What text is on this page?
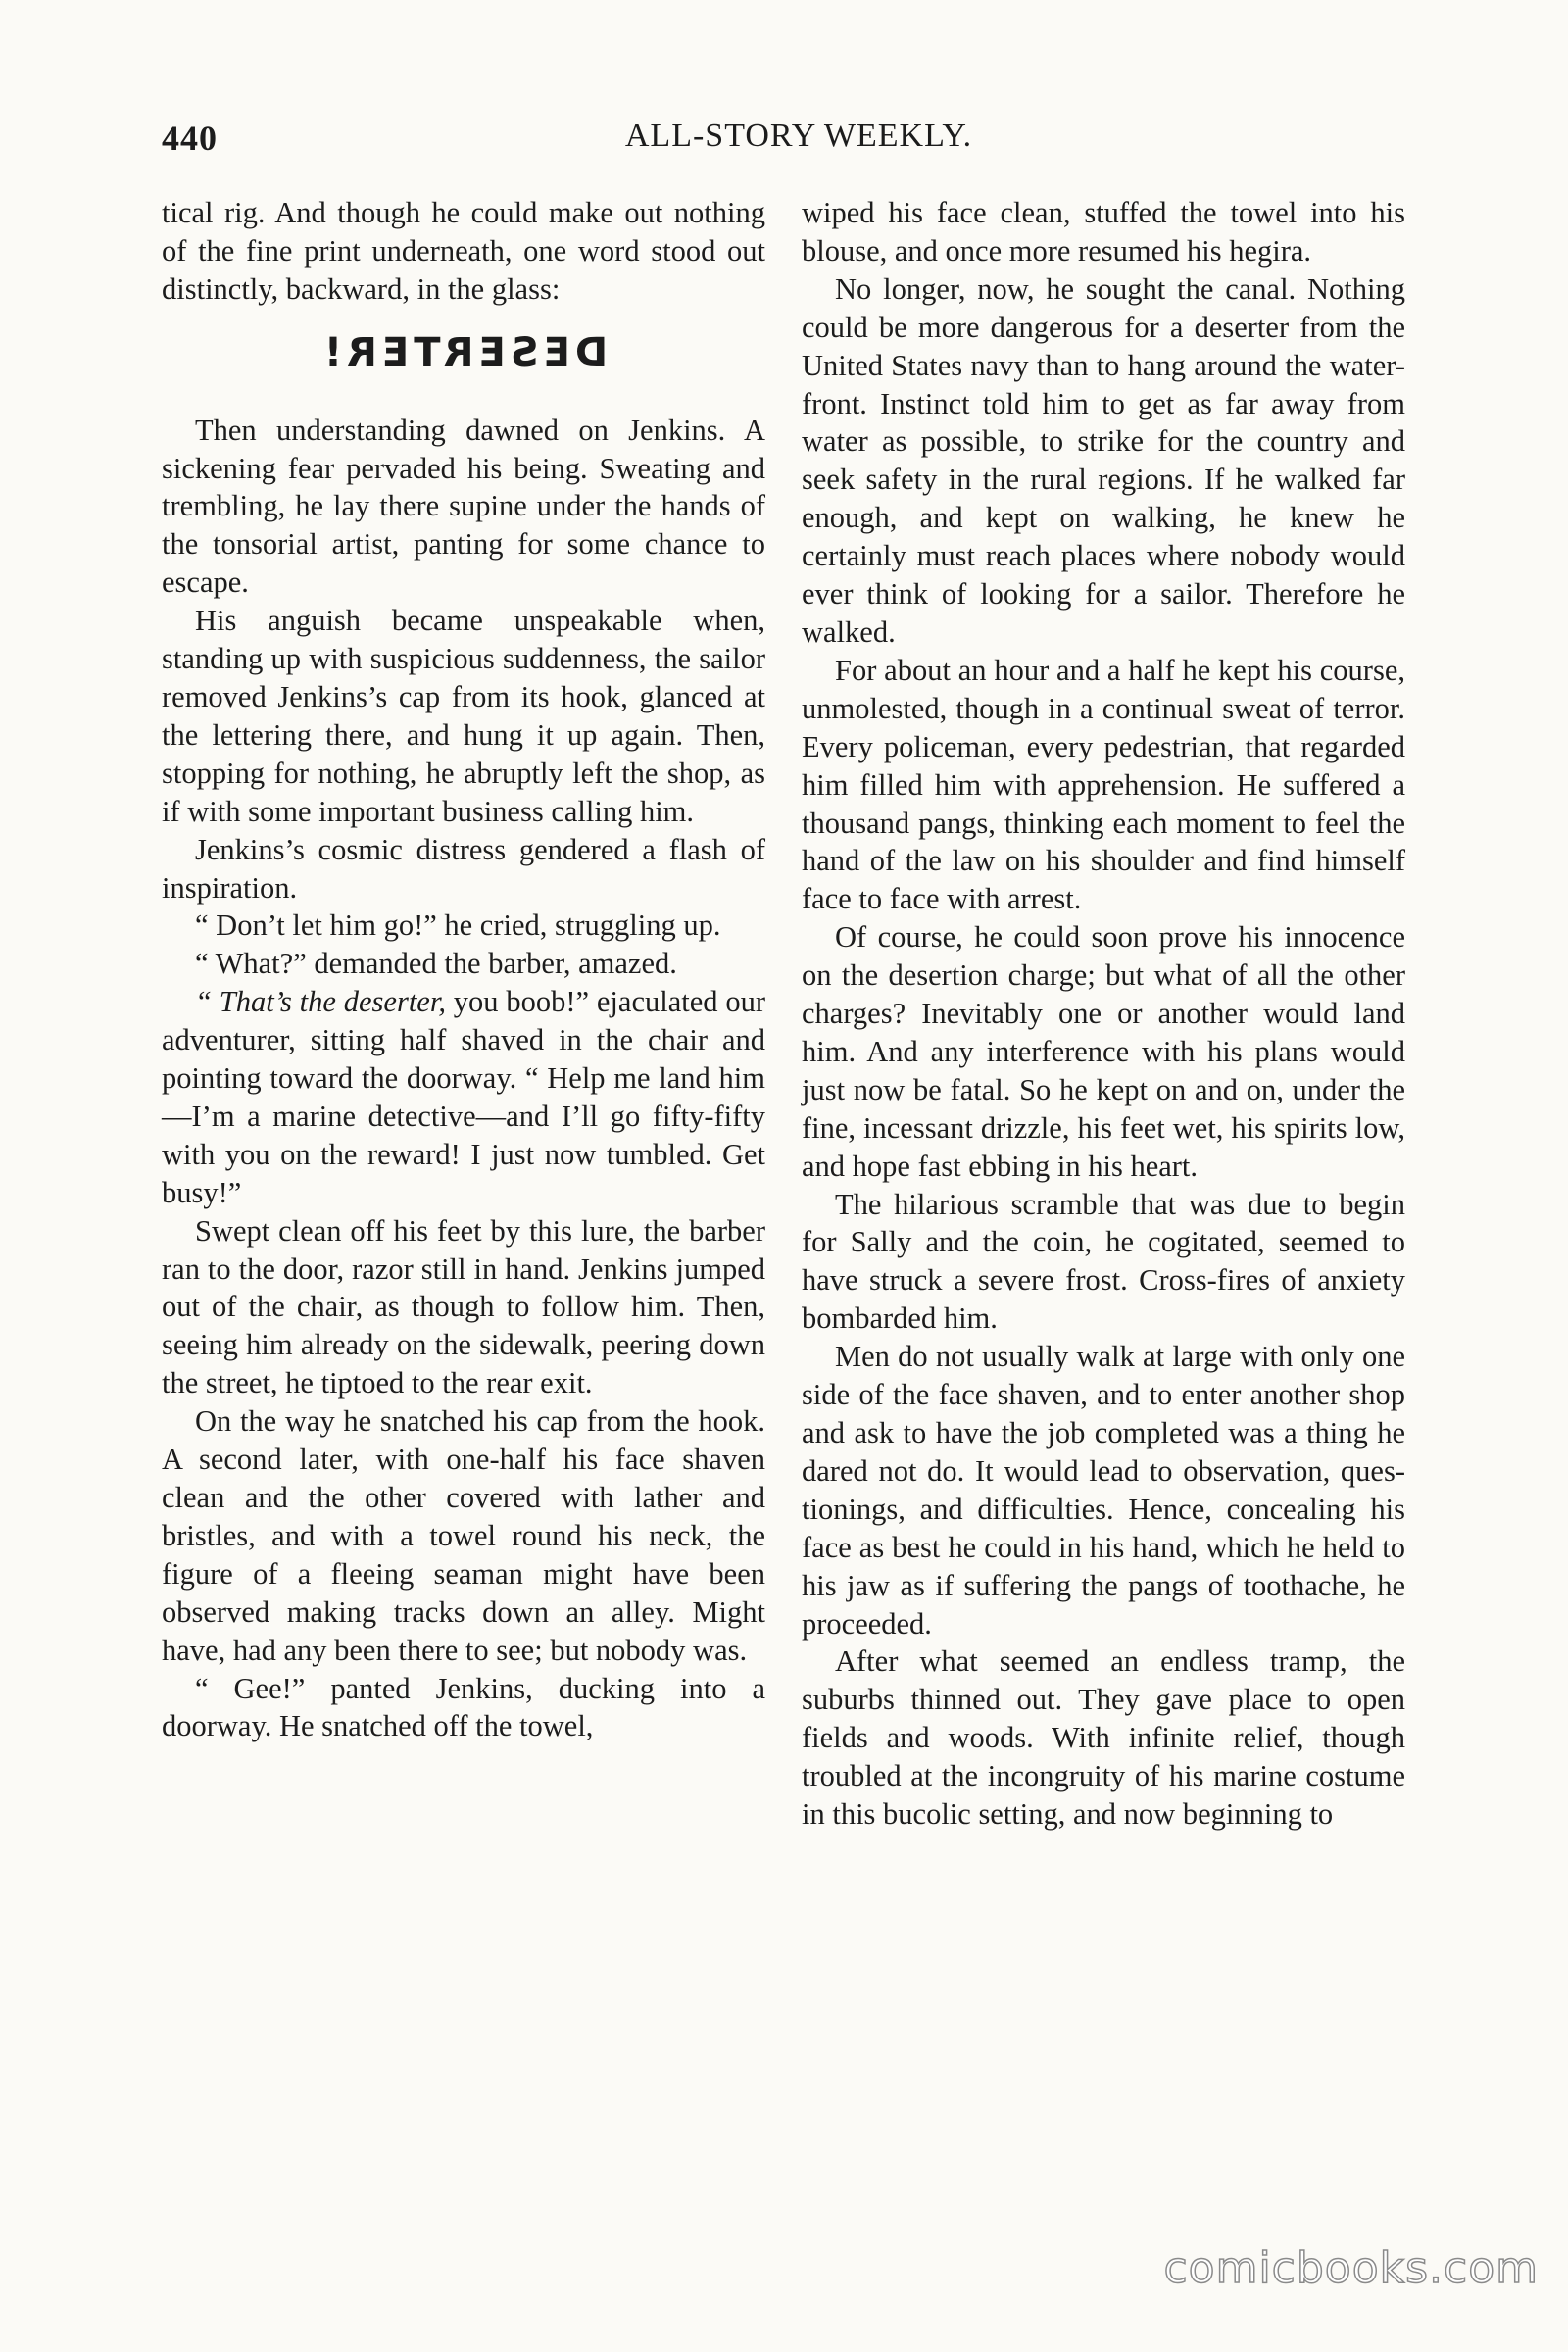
440	ALL-STORY WEEKLY.

tical rig. And though he could make out nothing of the fine print underneath, one word stood out distinctly, backward, in the glass:

DESERTER!

Then understanding dawned on Jenkins. A sickening fear pervaded his being. Sweating and trembling, he lay there supine under the hands of the tonsorial artist, panting for some chance to escape.

His anguish became unspeakable when, standing up with suspicious suddenness, the sailor removed Jenkins’s cap from its hook, glanced at the lettering there, and hung it up again. Then, stopping for nothing, he abruptly left the shop, as if with some important business calling him.

Jenkins’s cosmic distress gendered a flash of inspiration.

“ Don’t let him go!” he cried, struggling up.

“ What?” demanded the barber, amazed.

“ That’s the deserter, you boob!” ejaculated our adventurer, sitting half shaved in the chair and pointing toward the doorway. “ Help me land him—I’m a marine detective—and I’ll go fifty-fifty with you on the reward! I just now tumbled. Get busy!”

Swept clean off his feet by this lure, the barber ran to the door, razor still in hand. Jenkins jumped out of the chair, as though to follow him. Then, seeing him already on the sidewalk, peering down the street, he tiptoed to the rear exit.

On the way he snatched his cap from the hook. A second later, with one-half his face shaven clean and the other covered with lather and bristles, and with a towel round his neck, the figure of a fleeing seaman might have been observed making tracks down an alley. Might have, had any been there to see; but nobody was.

“ Gee!” panted Jenkins, ducking into a doorway. He snatched off the towel,

wiped his face clean, stuffed the towel into his blouse, and once more resumed his hegira.

No longer, now, he sought the canal. Nothing could be more dangerous for a deserter from the United States navy than to hang around the water-front. Instinct told him to get as far away from water as possible, to strike for the country and seek safety in the rural regions. If he walked far enough, and kept on walking, he knew he certainly must reach places where nobody would ever think of looking for a sailor. Therefore he walked.

For about an hour and a half he kept his course, unmolested, though in a continual sweat of terror. Every policeman, every pedestrian, that regarded him filled him with apprehension. He suffered a thousand pangs, thinking each moment to feel the hand of the law on his shoulder and find himself face to face with arrest.

Of course, he could soon prove his innocence on the desertion charge; but what of all the other charges? Inevitably one or another would land him. And any interference with his plans would just now be fatal. So he kept on and on, under the fine, incessant drizzle, his feet wet, his spirits low, and hope fast ebbing in his heart.

The hilarious scramble that was due to begin for Sally and the coin, he cogitated, seemed to have struck a severe frost. Cross-fires of anxiety bombarded him.

Men do not usually walk at large with only one side of the face shaven, and to enter another shop and ask to have the job completed was a thing he dared not do. It would lead to observation, questionings, and difficulties. Hence, concealing his face as best he could in his hand, which he held to his jaw as if suffering the pangs of toothache, he proceeded.

After what seemed an endless tramp, the suburbs thinned out. They gave place to open fields and woods. With infinite relief, though troubled at the incongruity of his marine costume in this bucolic setting, and now beginning to

comicbooks.com
